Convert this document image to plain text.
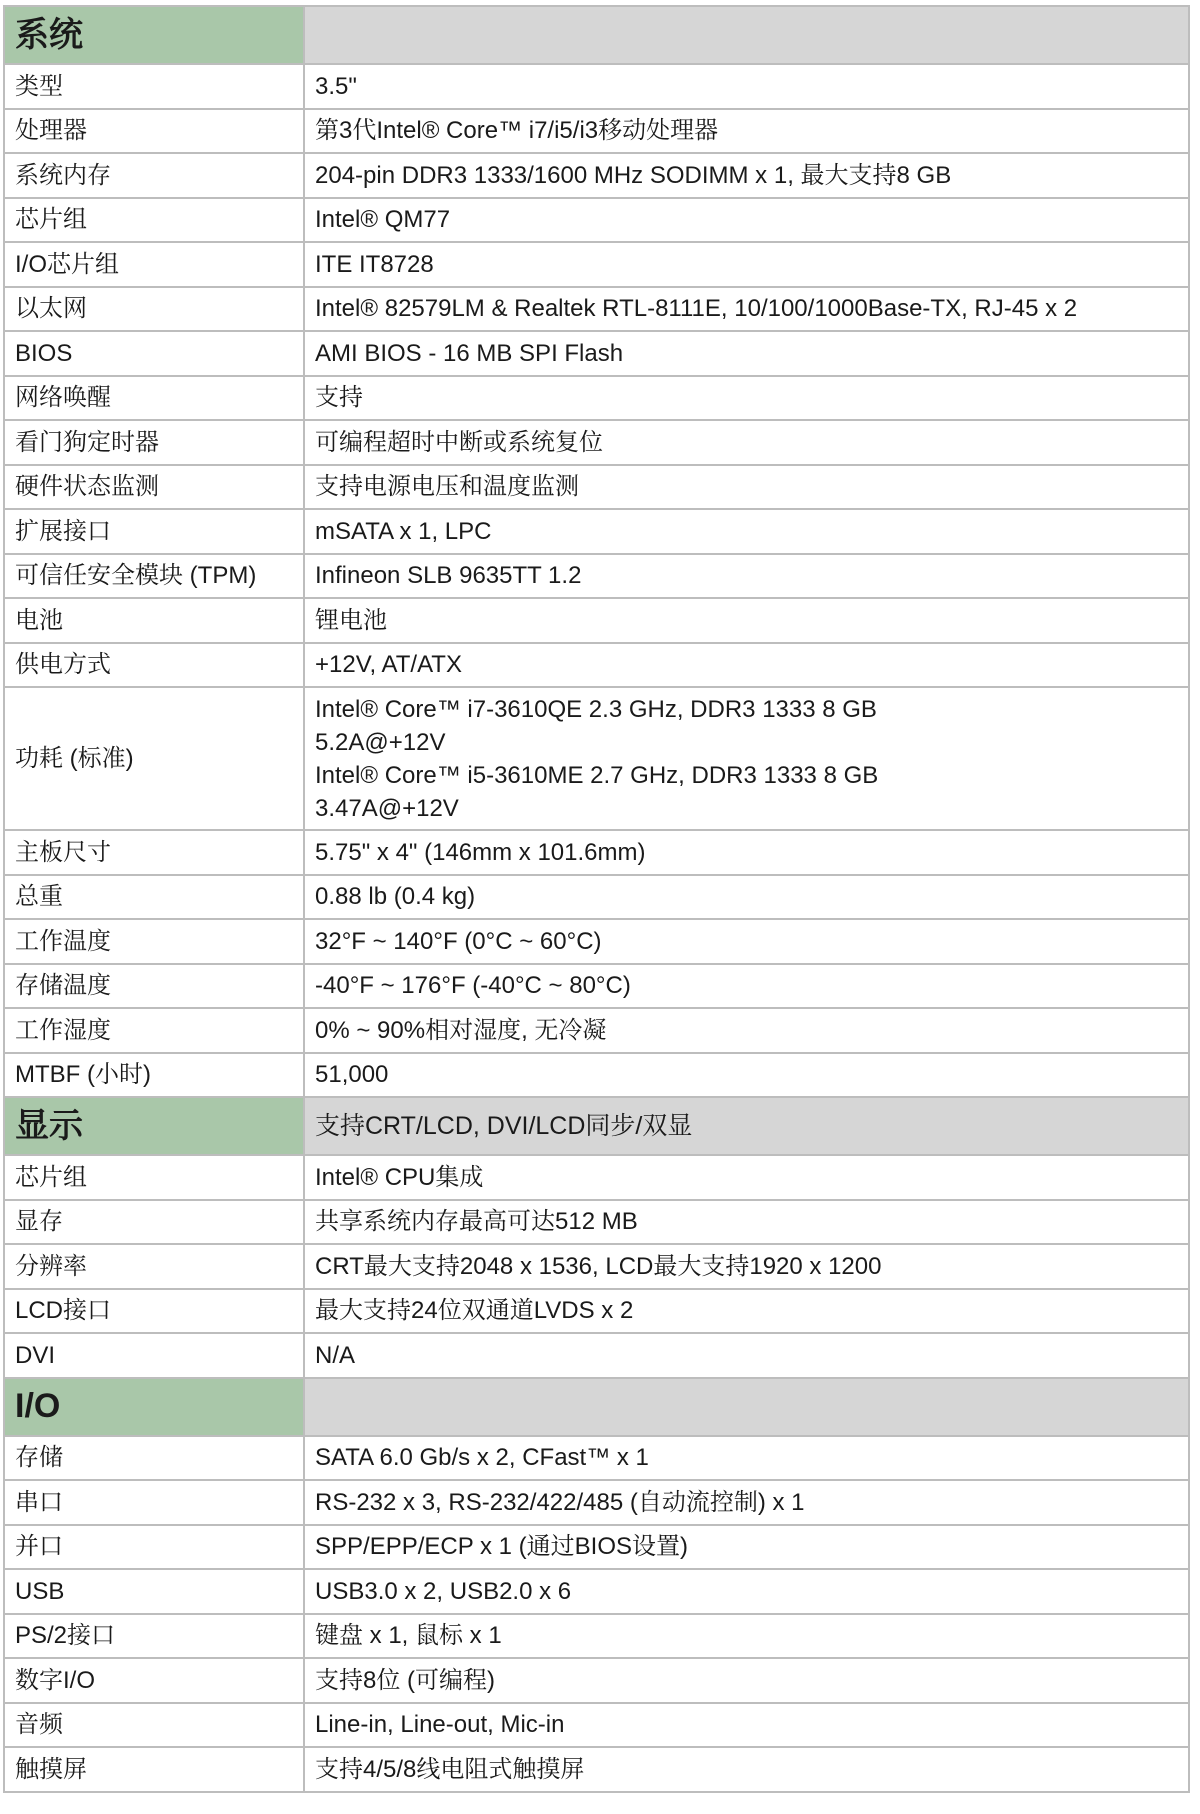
系统	
类型	3.5"

处理器	第3代Intel® Core™ i7/i5/i3移动处理器

系统内存	204-pin DDR3 1333/1600 MHz SODIMM x 1, 最大支持8 GB

芯片组	Intel® QM77

I/O芯片组	ITE IT8728

以太网	Intel® 82579LM & Realtek RTL-8111E, 10/100/1000Base-TX, RJ-45 x 2

BIOS	AMI BIOS - 16 MB SPI Flash

网络唤醒	支持

看门狗定时器	可编程超时中断或系统复位

硬件状态监测	支持电源电压和温度监测

扩展接口	mSATA x 1, LPC

可信任安全模块 (TPM)	Infineon SLB 9635TT 1.2

电池	锂电池

供电方式	+12V, AT/ATX

功耗 (标准)	Intel® Core™ i7-3610QE 2.3 GHz, DDR3 1333 8 GB
5.2A@+12V
Intel® Core™ i5-3610ME 2.7 GHz, DDR3 1333 8 GB
3.47A@+12V

主板尺寸	5.75" x 4" (146mm x 101.6mm)

总重	0.88 lb (0.4 kg)

工作温度	32°F ~ 140°F (0°C ~ 60°C)

存储温度	-40°F ~ 176°F (-40°C ~ 80°C)

工作湿度	0% ~ 90%相对湿度, 无冷凝

MTBF (小时)	51,000

显示	支持CRT/LCD, DVI/LCD同步/双显
芯片组	Intel® CPU集成

显存	共享系统内存最高可达512 MB

分辨率	CRT最大支持2048 x 1536, LCD最大支持1920 x 1200

LCD接口	最大支持24位双通道LVDS x 2

DVI	N/A

I/O	
存储	SATA 6.0 Gb/s x 2, CFast™ x 1

串口	RS-232 x 3, RS-232/422/485 (自动流控制) x 1

并口	SPP/EPP/ECP x 1 (通过BIOS设置)

USB	USB3.0 x 2, USB2.0 x 6

PS/2接口	键盘 x 1, 鼠标 x 1

数字I/O	支持8位 (可编程)

音频	Line-in, Line-out, Mic-in

触摸屏	支持4/5/8线电阻式触摸屏
